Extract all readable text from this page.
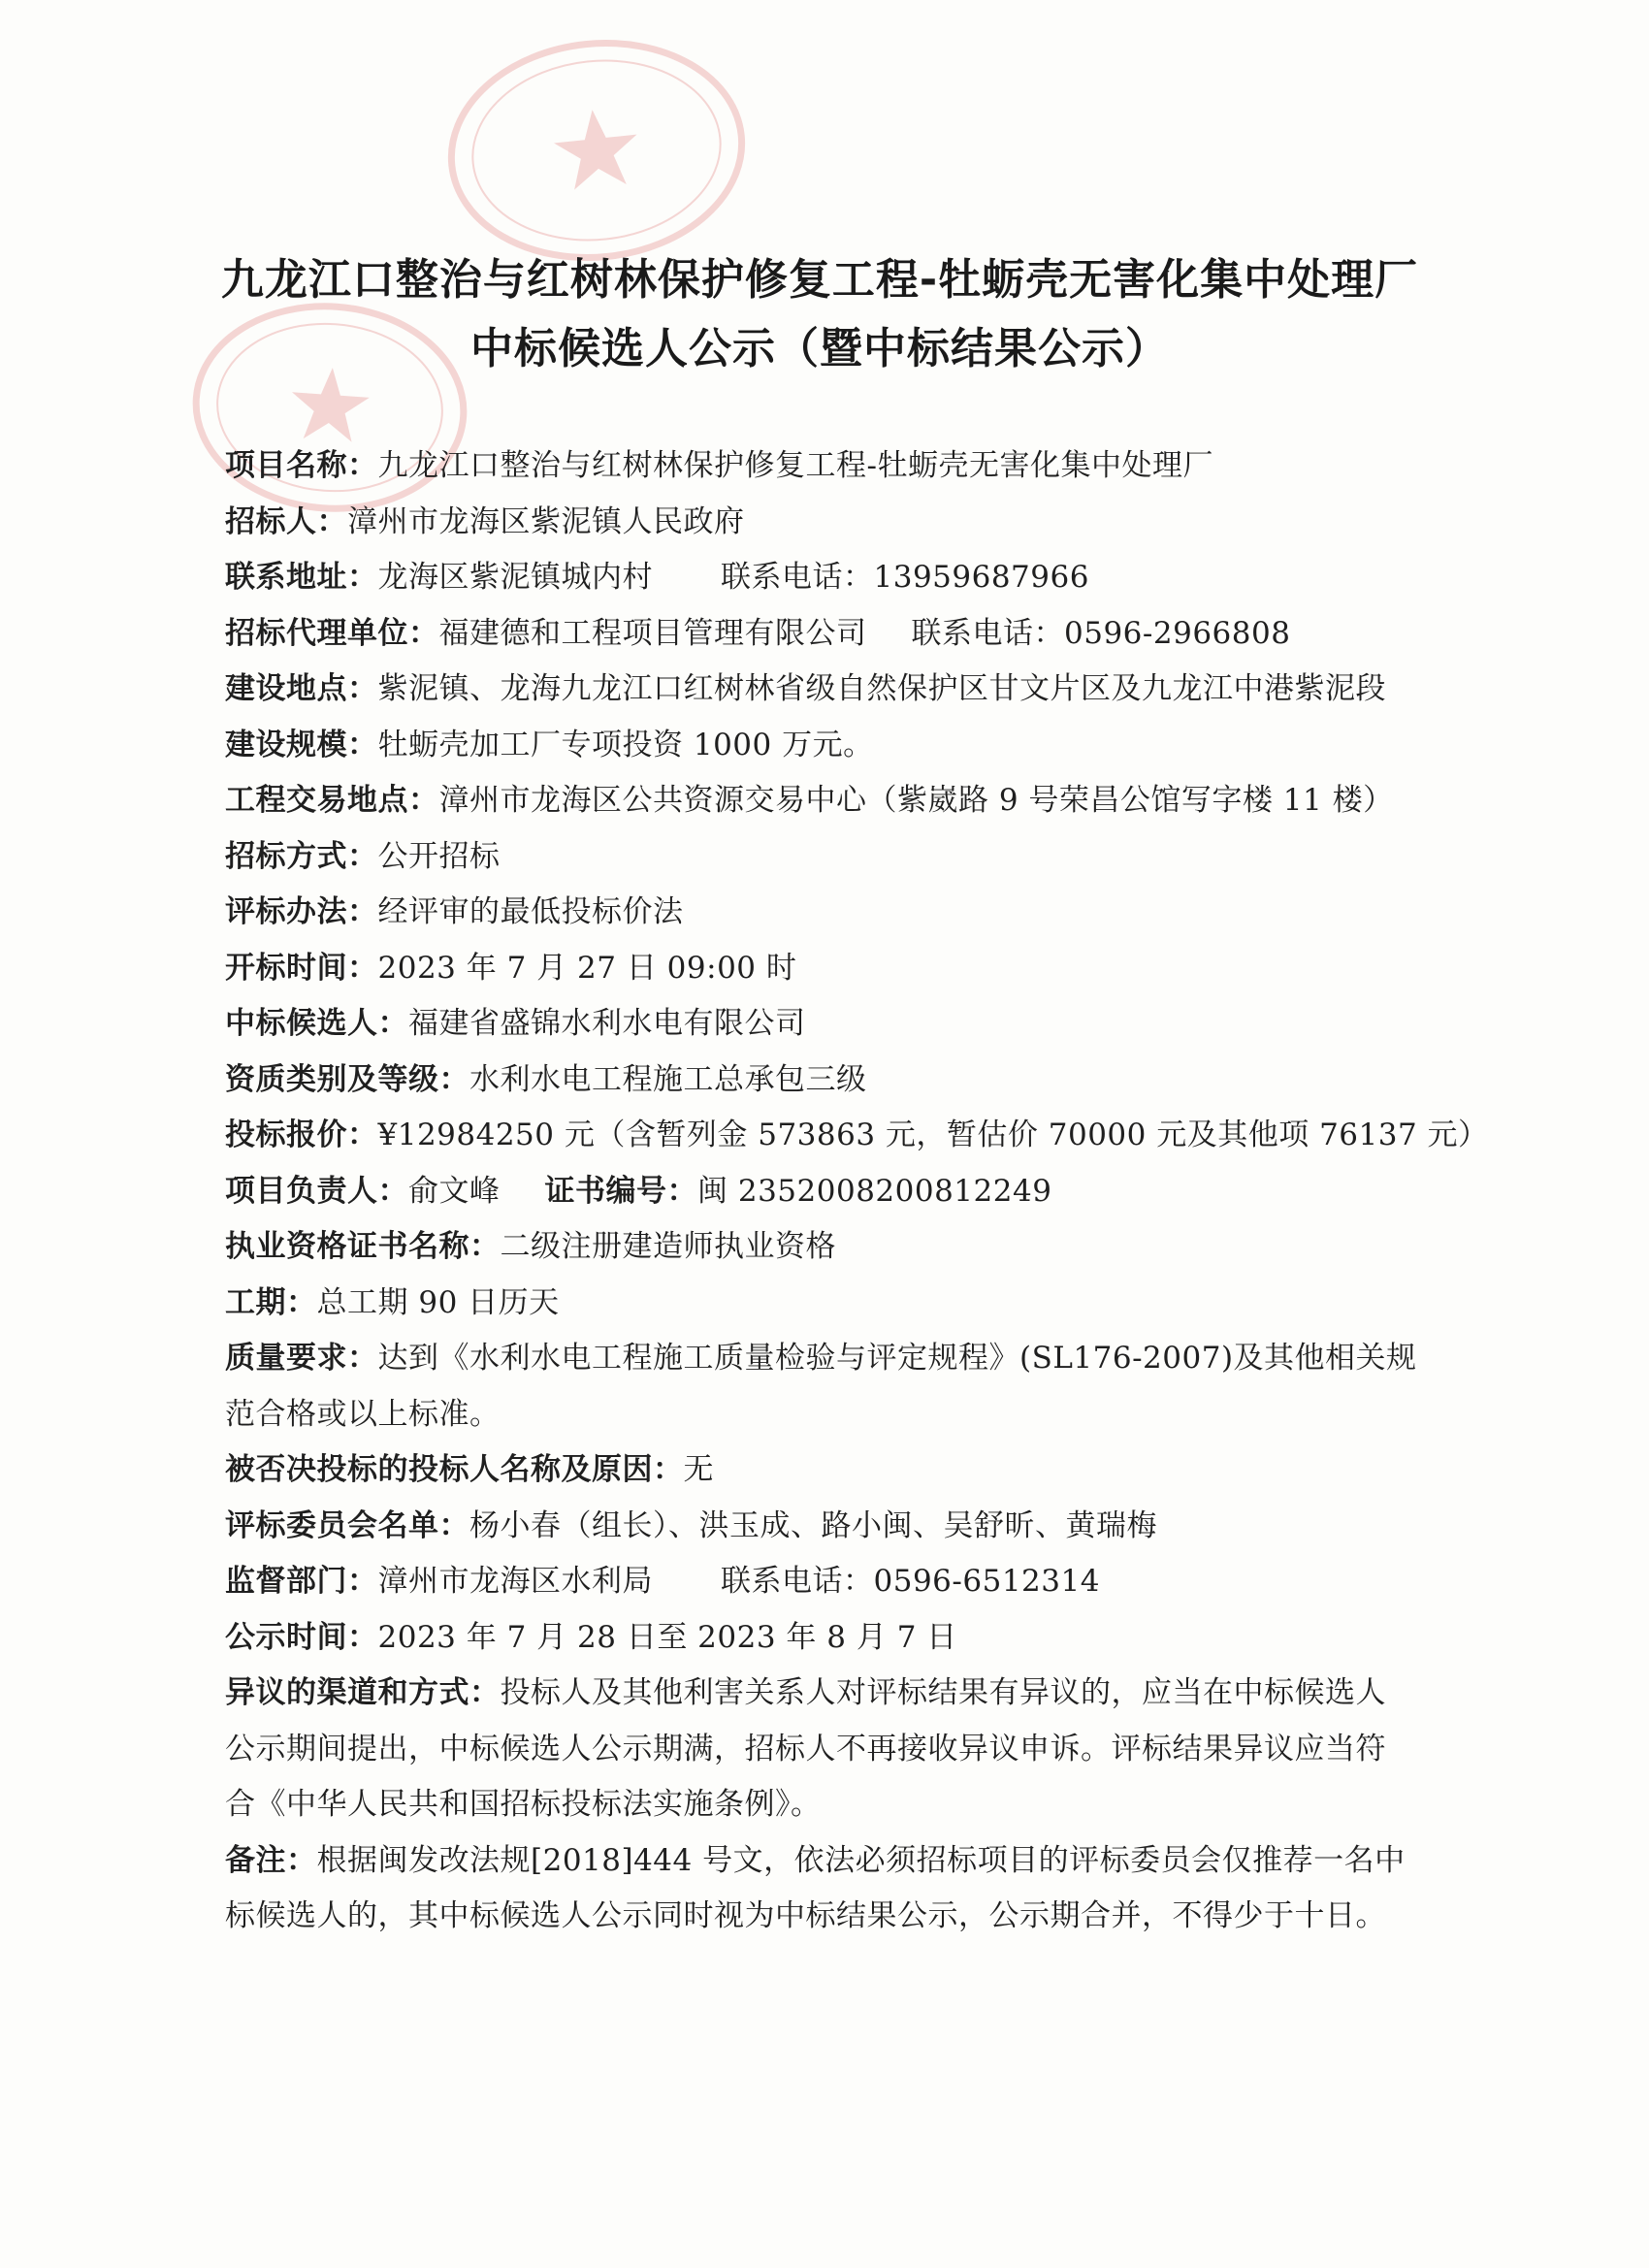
九龙江口整治与红树林保护修复工程-牡蛎壳无害化集中处理厂
中标候选人公示（暨中标结果公示）
项目名称：九龙江口整治与红树林保护修复工程-牡蛎壳无害化集中处理厂
招标人：漳州市龙海区紫泥镇人民政府
联系地址：龙海区紫泥镇城内村 联系电话：13959687966
招标代理单位：福建德和工程项目管理有限公司 联系电话：0596-2966808
建设地点：紫泥镇、龙海九龙江口红树林省级自然保护区甘文片区及九龙江中港紫泥段
建设规模：牡蛎壳加工厂专项投资 1000 万元。
工程交易地点：漳州市龙海区公共资源交易中心（紫崴路 9 号荣昌公馆写字楼 11 楼）
招标方式：公开招标
评标办法：经评审的最低投标价法
开标时间：2023 年 7 月 27 日 09:00 时
中标候选人：福建省盛锦水利水电有限公司
资质类别及等级：水利水电工程施工总承包三级
投标报价：¥12984250 元（含暂列金 573863 元，暂估价 70000 元及其他项 76137 元）
项目负责人：俞文峰 证书编号：闽 2352008200812249
执业资格证书名称：二级注册建造师执业资格
工期：总工期 90 日历天
质量要求：达到《水利水电工程施工质量检验与评定规程》(SL176-2007)及其他相关规
范合格或以上标准。
被否决投标的投标人名称及原因：无
评标委员会名单：杨小春（组长）、洪玉成、路小闽、吴舒昕、黄瑞梅
监督部门：漳州市龙海区水利局 联系电话：0596-6512314
公示时间：2023 年 7 月 28 日至 2023 年 8 月 7 日
异议的渠道和方式：投标人及其他利害关系人对评标结果有异议的，应当在中标候选人
公示期间提出，中标候选人公示期满，招标人不再接收异议申诉。评标结果异议应当符
合《中华人民共和国招标投标法实施条例》。
备注：根据闽发改法规[2018]444 号文，依法必须招标项目的评标委员会仅推荐一名中
标候选人的，其中标候选人公示同时视为中标结果公示，公示期合并，不得少于十日。
